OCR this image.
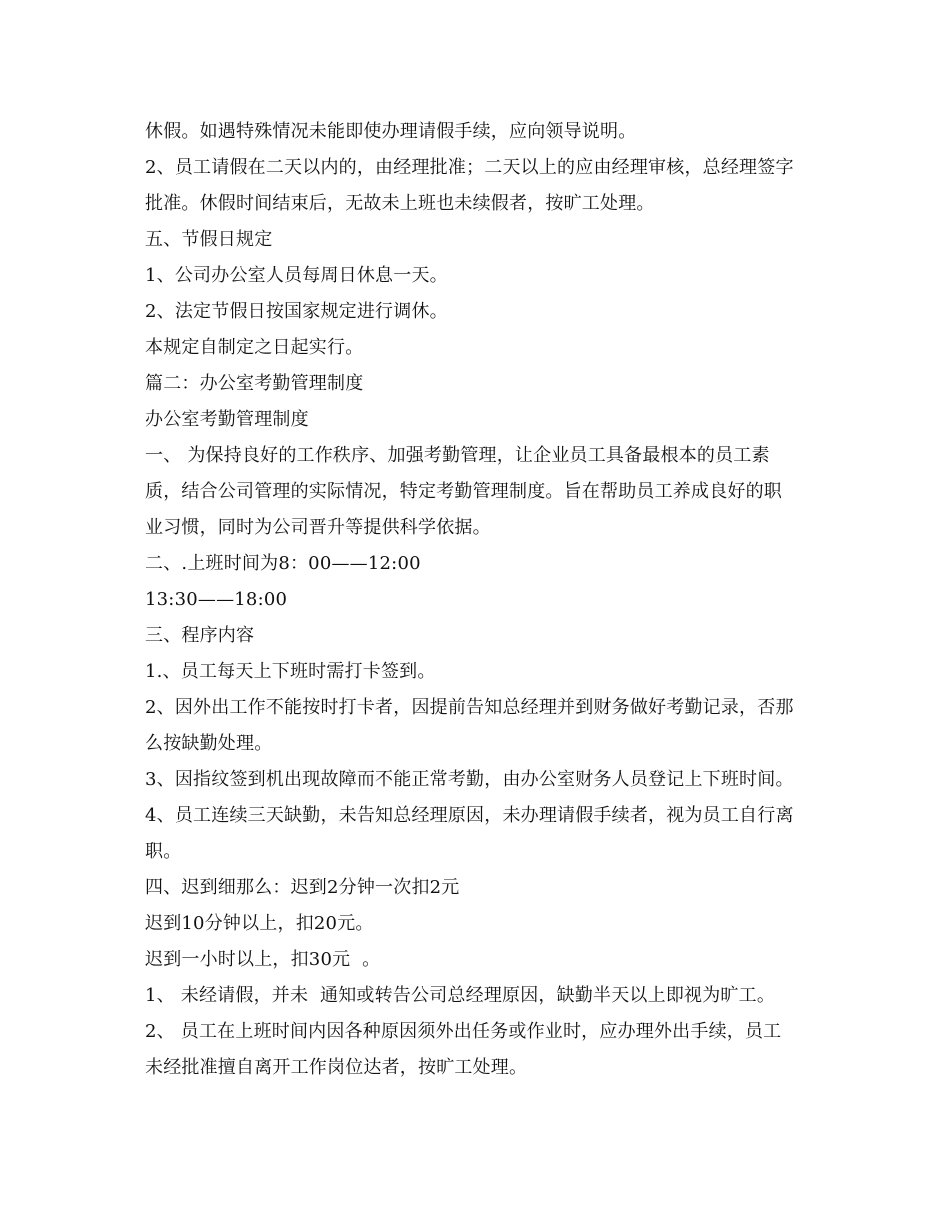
休假。如遇特殊情况未能即使办理请假手续，应向领导说明。
2、员工请假在二天以内的，由经理批准；二天以上的应由经理审核，总经理签字
批准。休假时间结束后，无故未上班也未续假者，按旷工处理。
五、节假日规定
1、公司办公室人员每周日休息一天。
2、法定节假日按国家规定进行调休。
本规定自制定之日起实行。
篇二：办公室考勤管理制度
办公室考勤管理制度
一、 为保持良好的工作秩序、加强考勤管理，让企业员工具备最根本的员工素
质，结合公司管理的实际情况，特定考勤管理制度。旨在帮助员工养成良好的职
业习惯，同时为公司晋升等提供科学依据。
二、.上班时间为8：00——12:00
13:30——18:00
三、程序内容
1.、员工每天上下班时需打卡签到。
2、因外出工作不能按时打卡者，因提前告知总经理并到财务做好考勤记录，否那
么按缺勤处理。
3、因指纹签到机出现故障而不能正常考勤，由办公室财务人员登记上下班时间。
4、员工连续三天缺勤，未告知总经理原因，未办理请假手续者，视为员工自行离
职。
四、迟到细那么：迟到2分钟一次扣2元
迟到10分钟以上，扣20元。
迟到一小时以上，扣30元  。
1、 未经请假，并未  通知或转告公司总经理原因，缺勤半天以上即视为旷工。
2、 员工在上班时间内因各种原因须外出任务或作业时，应办理外出手续，员工
未经批准擅自离开工作岗位达者，按旷工处理。
